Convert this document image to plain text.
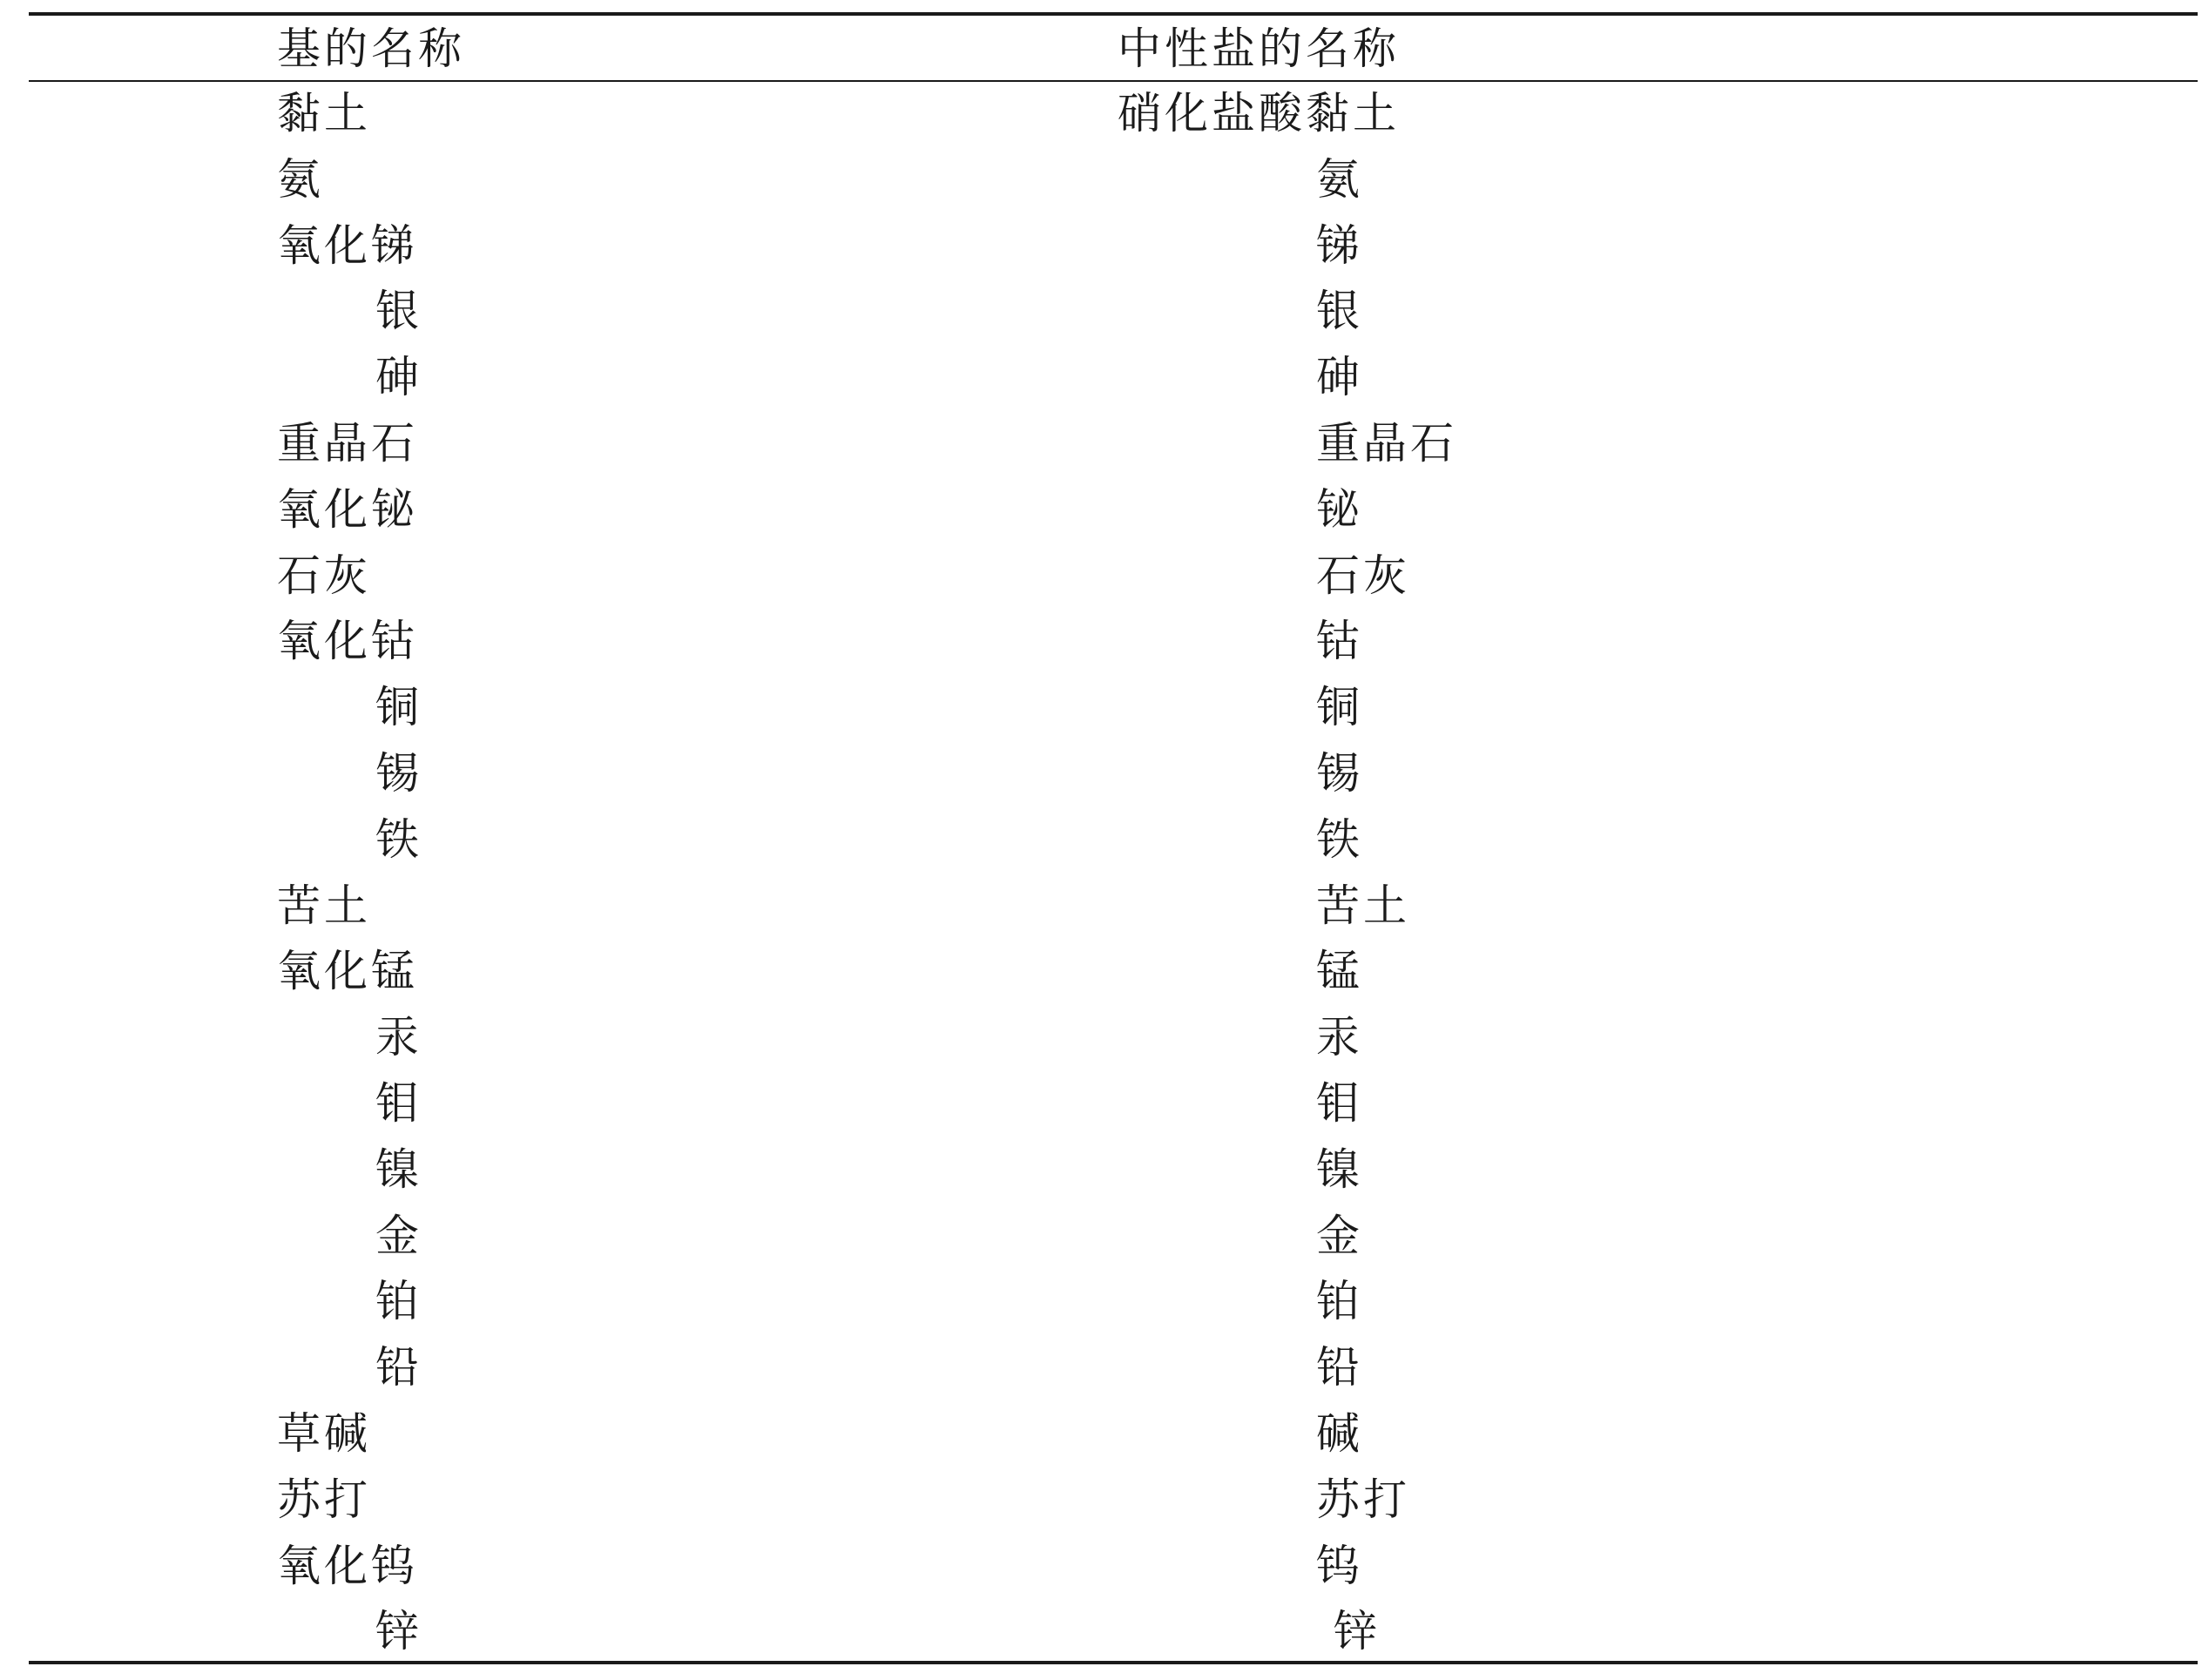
基的名称	中性盐的名称
黏土	硝化盐酸黏土
氨	氨
氧化锑	锑
银	银
砷	砷
重晶石	重晶石
氧化铋	铋
石灰	石灰
氧化钴	钴
铜	铜
锡	锡
铁	铁
苦土	苦土
氧化锰	锰
汞	汞
钼	钼
镍	镍
金	金
铂	铂
铅	铅
草碱	碱
苏打	苏打
氧化钨	钨
锌	锌
